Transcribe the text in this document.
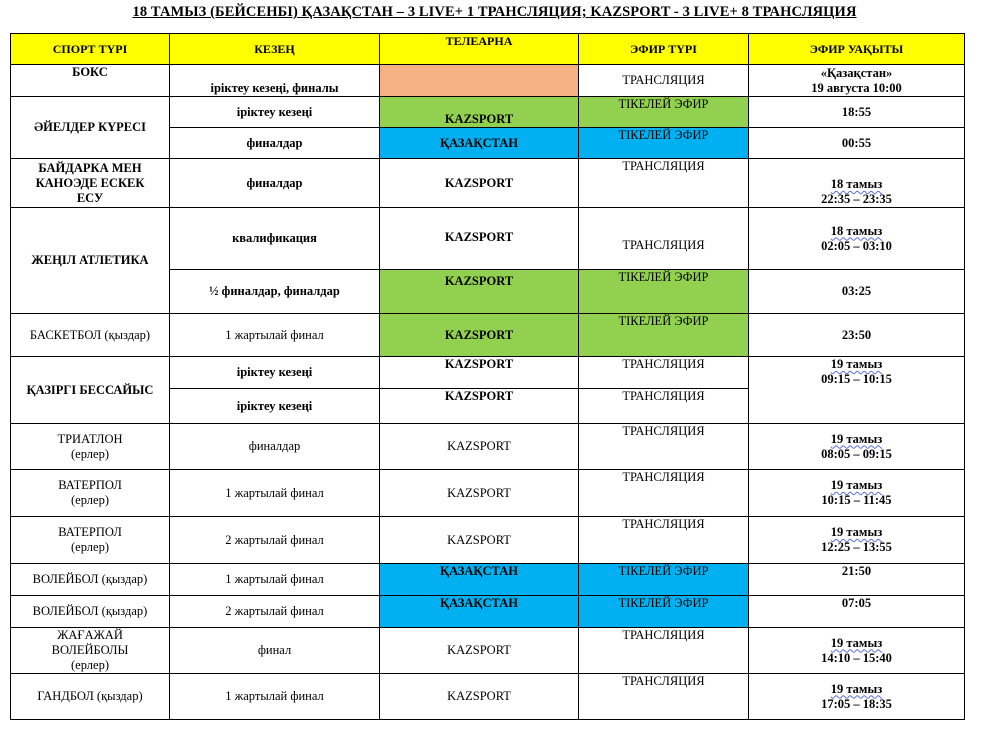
18 ТАМЫЗ (БЕЙСЕНБІ) ҚАЗАҚСТАН – 3 LIVE+ 1 ТРАНСЛЯЦИЯ; KAZSPORT - 3 LIVE+ 8 ТРАНСЛЯЦИЯ
СПОРТ ТҮРІ	КЕЗЕҢ	ТЕЛЕАРНА	ЭФИР ТҮРІ	ЭФИР УАҚЫТЫ
БОКС	іріктеу кезеңі, финалы		ТРАНСЛЯЦИЯ	«Қазақстан»
19 августа 10:00
ӘЙЕЛДЕР КҮРЕСІ	іріктеу кезеңі	KAZSPORT	ТІКЕЛЕЙ ЭФИР	18:55
	финалдар	ҚАЗАҚСТАН	ТІКЕЛЕЙ ЭФИР	00:55
БАЙДАРКА МЕН
КАНОЭДЕ ЕСКЕК
ЕСУ	финалдар	KAZSPORT	ТРАНСЛЯЦИЯ	18 тамыз
22:35 – 23:35
ЖЕҢІЛ АТЛЕТИКА	квалификация	KAZSPORT	ТРАНСЛЯЦИЯ	18 тамыз
02:05 – 03:10
	½ финалдар, финалдар	KAZSPORT	ТІКЕЛЕЙ ЭФИР	03:25
БАСКЕТБОЛ (қыздар)	1 жартылай финал	KAZSPORT	ТІКЕЛЕЙ ЭФИР	23:50
ҚАЗІРГІ БЕССАЙЫС	іріктеу кезеңі	KAZSPORT	ТРАНСЛЯЦИЯ	19 тамыз
09:15 – 10:15
	іріктеу кезеңі	KAZSPORT	ТРАНСЛЯЦИЯ	
ТРИАТЛОН
(ерлер)	финалдар	KAZSPORT	ТРАНСЛЯЦИЯ	19 тамыз
08:05 – 09:15
ВАТЕРПОЛ
(ерлер)	1 жартылай финал	KAZSPORT	ТРАНСЛЯЦИЯ	19 тамыз
10:15 – 11:45
ВАТЕРПОЛ
(ерлер)	2 жартылай финал	KAZSPORT	ТРАНСЛЯЦИЯ	19 тамыз
12:25 – 13:55
ВОЛЕЙБОЛ (қыздар)	1 жартылай финал	ҚАЗАҚСТАН	ТІКЕЛЕЙ ЭФИР	21:50
ВОЛЕЙБОЛ (қыздар)	2 жартылай финал	ҚАЗАҚСТАН	ТІКЕЛЕЙ ЭФИР	07:05
ЖАҒАЖАЙ
ВОЛЕЙБОЛЫ
(ерлер)	финал	KAZSPORT	ТРАНСЛЯЦИЯ	19 тамыз
14:10 – 15:40
ГАНДБОЛ (қыздар)	1 жартылай финал	KAZSPORT	ТРАНСЛЯЦИЯ	19 тамыз
17:05 – 18:35
